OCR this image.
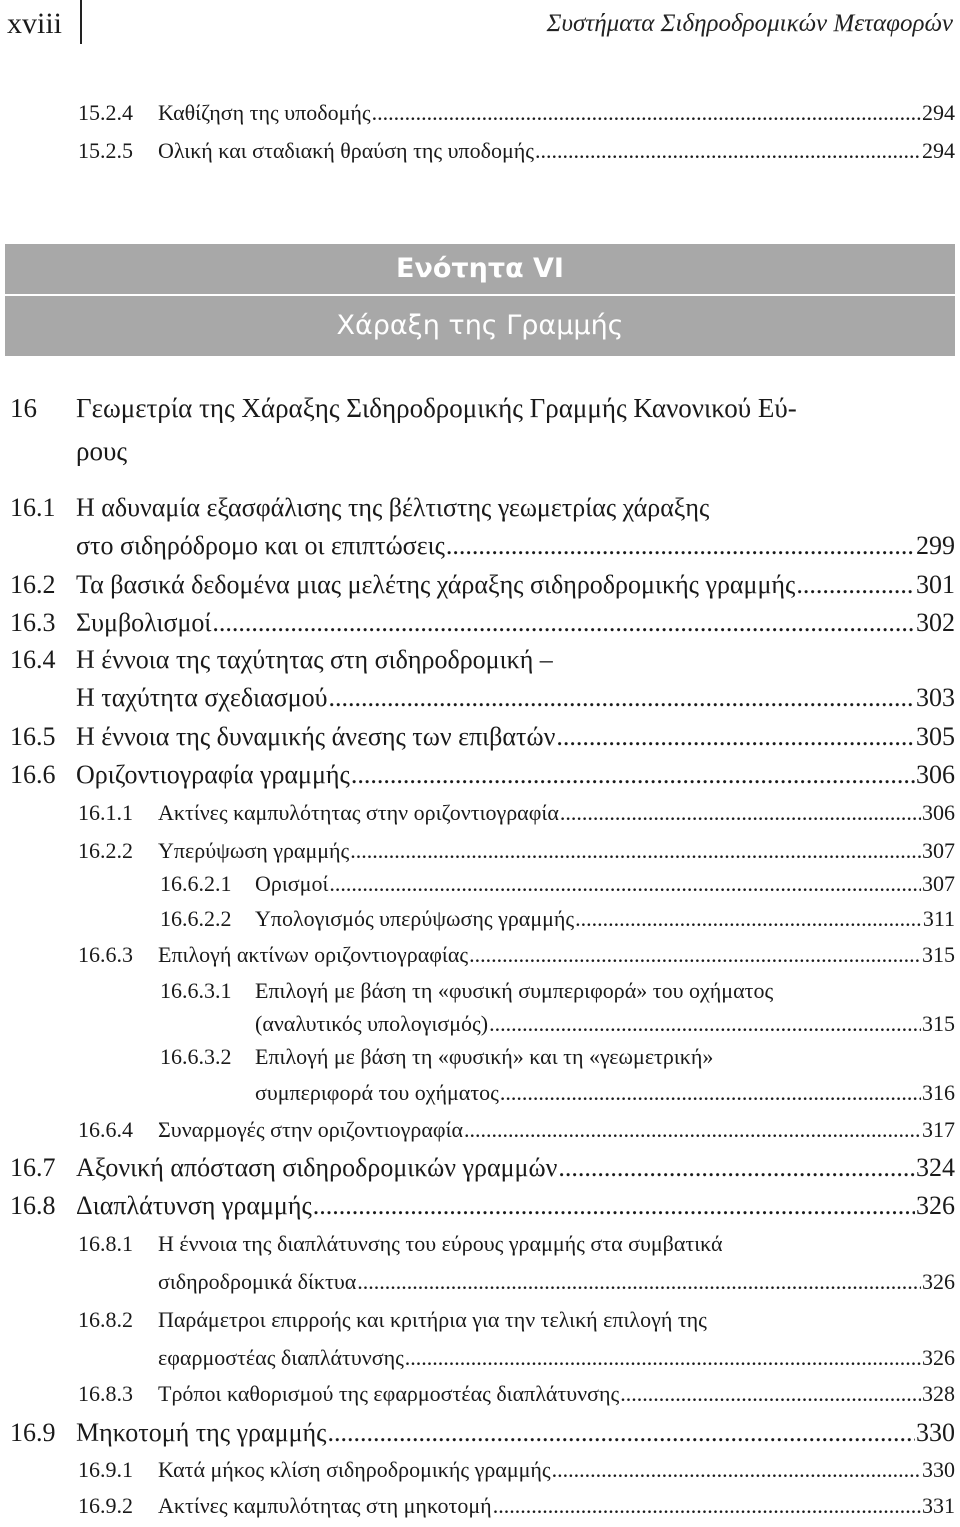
xviii	Συστήματα Σιδηροδρομικών Μεταφορών
15.2.4 Καθίζηση της υποδομής .....	294
15.2.5 Ολική και σταδιακή θραύση της υποδομής .....	294
16.1 Η αδυναμία εξασφάλισης της βέλτιστης γεωμετρίας χάραξης
στο σιδηρόδρομο και οι επιπτώσεις .....	299
16.2 Τα βασικά δεδομένα μιας μελέτης χάραξης σιδηροδρομικής γραμμής .....	301
16.3 Συμβολισμοί .....	302
16.4 Η έννοια της ταχύτητας στη σιδηροδρομική –
Η ταχύτητα σχεδιασμού .....	303
16.5 Η έννοια της δυναμικής άνεσης των επιβατών .....	305
16.6 Οριζοντιογραφία γραμμής .....	306
16.1.1 Ακτίνες καμπυλότητας στην οριζοντιογραφία .....	306
16.2.2 Υπερύψωση γραμμής .....	307
16.6.2.1 Ορισμοί .....	307
16.6.2.2 Υπολογισμός υπερύψωσης γραμμής .....	311
16.6.3 Επιλογή ακτίνων οριζοντιογραφίας .....	315
16.6.3.1 Επιλογή με βάση τη «φυσική συμπεριφορά» του οχήματος
(αναλυτικός υπολογισμός) .....	315
16.6.3.2 Επιλογή με βάση τη «φυσική» και τη «γεωμετρική»
συμπεριφορά του οχήματος .....	316
16.6.4 Συναρμογές στην οριζοντιογραφία .....	317
16.7 Αξονική απόσταση σιδηροδρομικών γραμμών .....	324
16.8 Διαπλάτυνση γραμμής .....	326
16.8.1 Η έννοια της διαπλάτυνσης του εύρους γραμμής στα συμβατικά
σιδηροδρομικά δίκτυα .....	326
16.8.2 Παράμετροι επιρροής και κριτήρια για την τελική επιλογή της
εφαρμοστέας διαπλάτυνσης .....	326
16.8.3 Τρόποι καθορισμού της εφαρμοστέας διαπλάτυνσης .....	328
16.9 Μηκοτομή της γραμμής .....	330
16.9.1 Κατά μήκος κλίση σιδηροδρομικής γραμμής .....	330
16.9.2 Ακτίνες καμπυλότητας στη μηκοτομή .....	331
Ενότητα VI
Χάραξη της Γραμμής
16 Γεωμετρία της Χάραξης Σιδηροδρομικής Γραμμής Κανονικού Εύ-
ρους
